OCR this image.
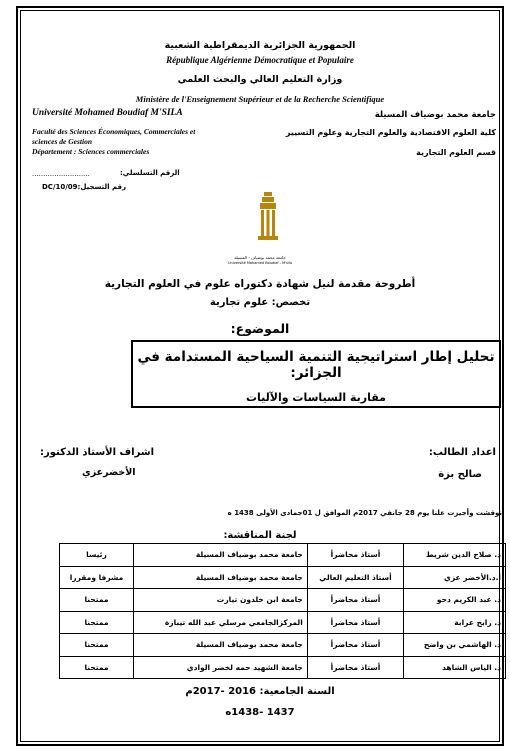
الجمهورية الجزائرية الديمقراطية الشعبية
République Algérienne Démocratique et Populaire
وزارة التعليم العالي والبحث العلمي
Ministère de l'Enseignement Supérieur et de la Recherche Scientifique
Université Mohamed Boudiaf M'SILA	جامعة محمد بوضياف المسيلة
Faculté des Sciences Économiques, Commerciales et	كلية العلوم الاقتصادية والعلوم التجارية وعلوم التسيير
sciences de Gestion
Département : Sciences commerciales	قسم العلوم التجارية
..........................	الرقم التسلسلي:
رقم التسجيل:DC/10/09
جامعة محمد بوضياف - المسيلة
Université Mohamed Boudiaf - M'sila
أطروحة مقدمة لنيل شهادة دكتوراه علوم في العلوم التجارية
تخصص: علوم تجارية
الموضوع:
تحليل إطار استراتيجية التنمية السياحية المستدامة في الجزائر:
مقاربة السياسات والآليات
اعداد الطالب:
اشراف الأستاذ الدكتور:
صالح بزة
الأخضرعزي
نوقشت وأجيزت علنا يوم 28 جانفي 2017م الموافق ل 01جمادى الأولى 1438 ه
لجنة المناقشة:
د. صلاح الدين شريط	أستاذ محاضرأ	جامعة محمد بوضياف المسيلة	رئيسا
أ.د.الأخضر عزي	أستاذ التعليم العالي	جامعة محمد بوضياف المسيلة	مشرفا ومقررا
د. عبد الكريم دحو	أستاذ محاضرأ	جامعة ابن خلدون تيارت	ممتحنا
د. رابح عرابة	أستاذ محاضرأ	المركزالجامعي مرسلي عبد الله تيبازة	ممتحنا
د. الهاشمي بن واضح	أستاذ محاضرأ	جامعة محمد بوضياف المسيلة	ممتحنا
د. الياس الشاهد	أستاذ محاضرأ	جامعة الشهيد حمه لخضر الوادي	ممتحنا
السنة الجامعية: 2016 -2017م
1437 -1438ه
